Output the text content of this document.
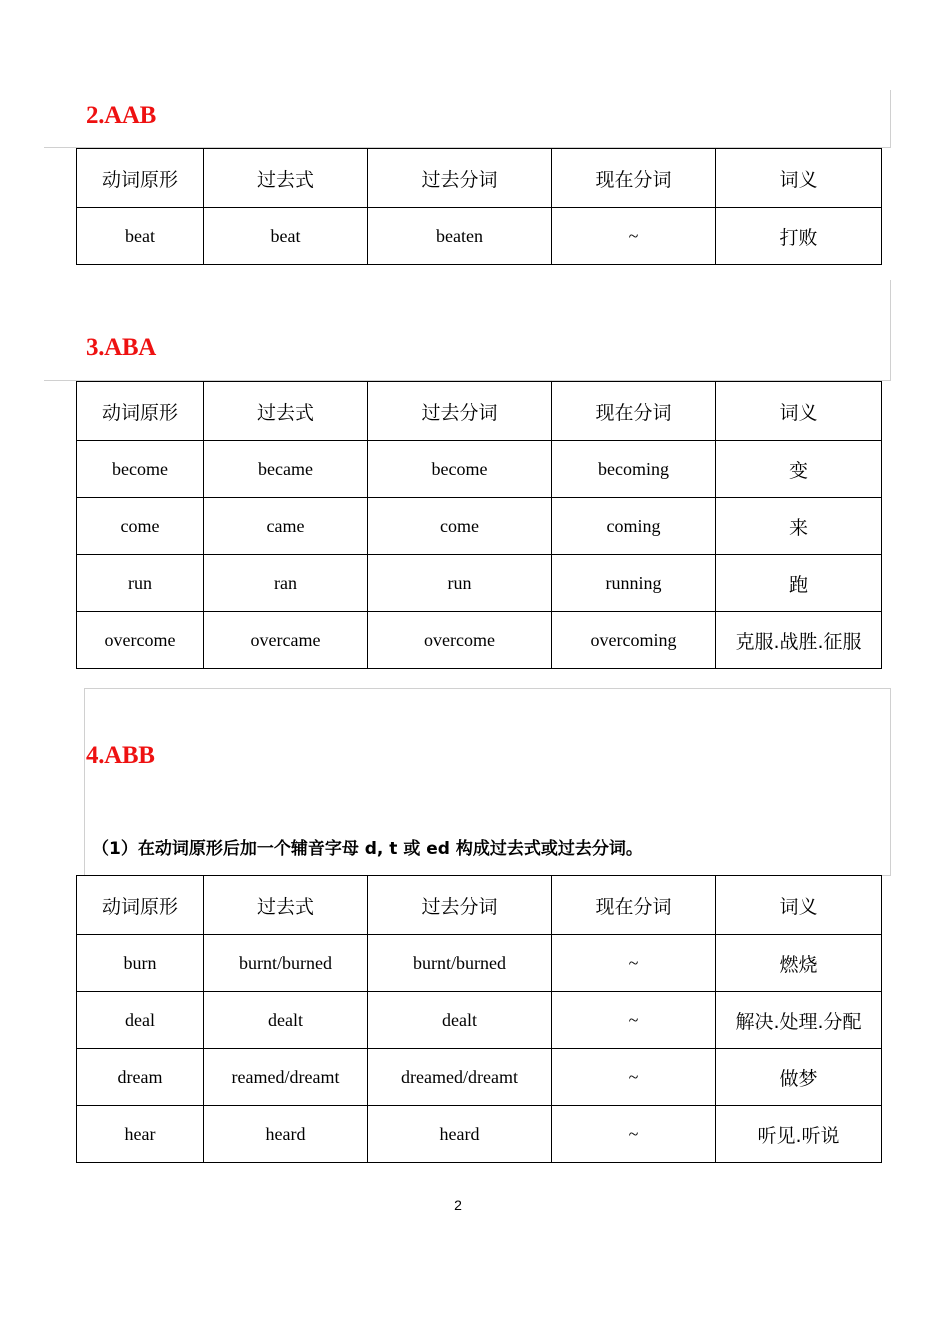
2.AAB
动词原形	过去式	过去分词	现在分词	词义
beat	beat	beaten	~	打败
3.ABA
动词原形	过去式	过去分词	现在分词	词义
become	became	become	becoming	变
come	came	come	coming	来
run	ran	run	running	跑
overcome	overcame	overcome	overcoming	克服.战胜.征服
4.ABB

（1）在动词原形后加一个辅音字母 d, t 或 ed 构成过去式或过去分词。

动词原形	过去式	过去分词	现在分词	词义
burn	burnt/burned	burnt/burned	~	燃烧
deal	dealt	dealt	~	解决.处理.分配
dream	reamed/dreamt	dreamed/dreamt	~	做梦
hear	heard	heard	~	听见.听说
2
